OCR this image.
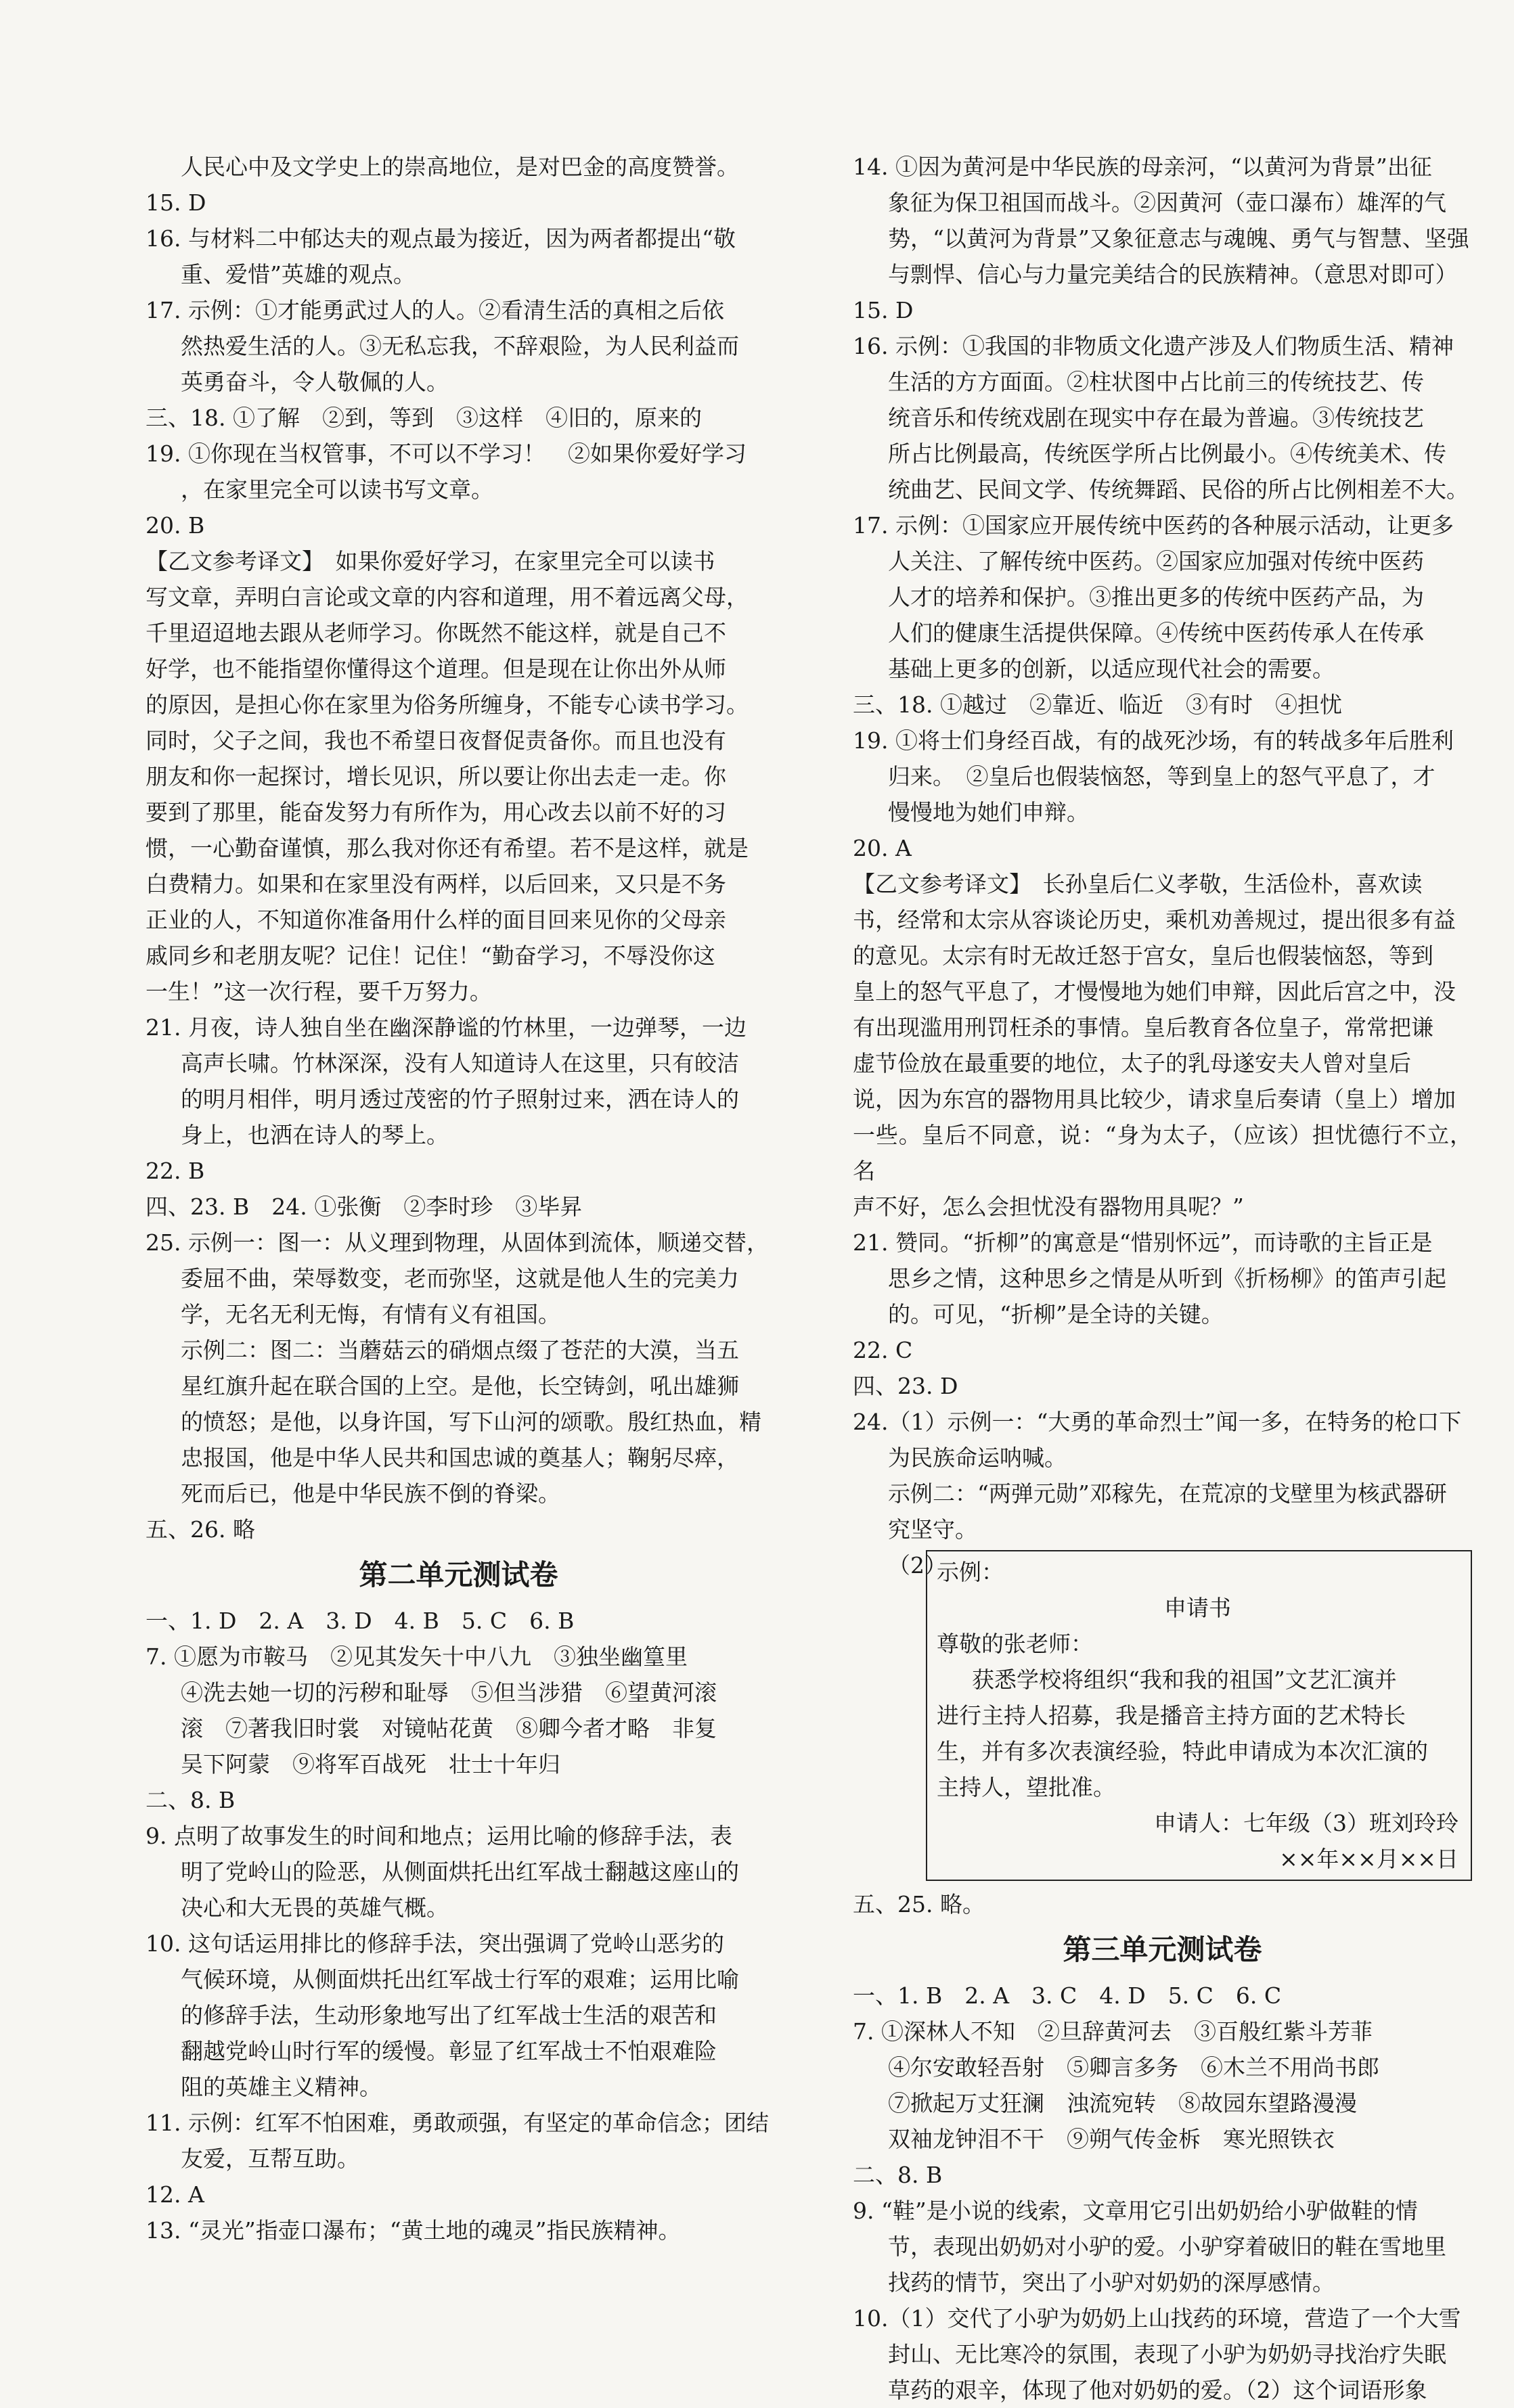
人民心中及文学史上的崇高地位，是对巴金的高度赞誉。

15. D

16. 与材料二中郁达夫的观点最为接近，因为两者都提出“敬

重、爱惜”英雄的观点。

17. 示例：①才能勇武过人的人。②看清生活的真相之后依

然热爱生活的人。③无私忘我，不辞艰险，为人民利益而

英勇奋斗，令人敬佩的人。

三、18. ①了解　②到，等到　③这样　④旧的，原来的

19. ①你现在当权管事，不可以不学习！　②如果你爱好学习

，在家里完全可以读书写文章。

20. B

【乙文参考译文】　如果你爱好学习，在家里完全可以读书

写文章，弄明白言论或文章的内容和道理，用不着远离父母，

千里迢迢地去跟从老师学习。你既然不能这样，就是自己不

好学，也不能指望你懂得这个道理。但是现在让你出外从师

的原因，是担心你在家里为俗务所缠身，不能专心读书学习。

同时，父子之间，我也不希望日夜督促责备你。而且也没有

朋友和你一起探讨，增长见识，所以要让你出去走一走。你

要到了那里，能奋发努力有所作为，用心改去以前不好的习

惯，一心勤奋谨慎，那么我对你还有希望。若不是这样，就是

白费精力。如果和在家里没有两样，以后回来，又只是不务

正业的人，不知道你准备用什么样的面目回来见你的父母亲

戚同乡和老朋友呢？记住！记住！“勤奋学习，不辱没你这

一生！”这一次行程，要千万努力。

21. 月夜，诗人独自坐在幽深静谧的竹林里，一边弹琴，一边

高声长啸。竹林深深，没有人知道诗人在这里，只有皎洁

的明月相伴，明月透过茂密的竹子照射过来，洒在诗人的

身上，也洒在诗人的琴上。

22. B

四、23. B　24. ①张衡　②李时珍　③毕昇

25. 示例一：图一：从义理到物理，从固体到流体，顺递交替，

委屈不曲，荣辱数变，老而弥坚，这就是他人生的完美力

学，无名无利无悔，有情有义有祖国。

示例二：图二：当蘑菇云的硝烟点缀了苍茫的大漠，当五

星红旗升起在联合国的上空。是他，长空铸剑，吼出雄狮

的愤怒；是他，以身许国，写下山河的颂歌。殷红热血，精

忠报国，他是中华人民共和国忠诚的奠基人；鞠躬尽瘁，

死而后已，他是中华民族不倒的脊梁。

五、26. 略

第二单元测试卷

一、1. D　2. A　3. D　4. B　5. C　6. B

7. ①愿为市鞍马　②见其发矢十中八九　③独坐幽篁里

④洗去她一切的污秽和耻辱　⑤但当涉猎　⑥望黄河滚

滚　⑦著我旧时裳　对镜帖花黄　⑧卿今者才略　非复

吴下阿蒙　⑨将军百战死　壮士十年归

二、8. B

9. 点明了故事发生的时间和地点；运用比喻的修辞手法，表

明了党岭山的险恶，从侧面烘托出红军战士翻越这座山的

决心和大无畏的英雄气概。

10. 这句话运用排比的修辞手法，突出强调了党岭山恶劣的

气候环境，从侧面烘托出红军战士行军的艰难；运用比喻

的修辞手法，生动形象地写出了红军战士生活的艰苦和

翻越党岭山时行军的缓慢。彰显了红军战士不怕艰难险

阻的英雄主义精神。

11. 示例：红军不怕困难，勇敢顽强，有坚定的革命信念；团结

友爱，互帮互助。

12. A

13. “灵光”指壶口瀑布；“黄土地的魂灵”指民族精神。

14. ①因为黄河是中华民族的母亲河，“以黄河为背景”出征

象征为保卫祖国而战斗。②因黄河（壶口瀑布）雄浑的气

势，“以黄河为背景”又象征意志与魂魄、勇气与智慧、坚强

与剽悍、信心与力量完美结合的民族精神。（意思对即可）

15. D

16. 示例：①我国的非物质文化遗产涉及人们物质生活、精神

生活的方方面面。②柱状图中占比前三的传统技艺、传

统音乐和传统戏剧在现实中存在最为普遍。③传统技艺

所占比例最高，传统医学所占比例最小。④传统美术、传

统曲艺、民间文学、传统舞蹈、民俗的所占比例相差不大。

17. 示例：①国家应开展传统中医药的各种展示活动，让更多

人关注、了解传统中医药。②国家应加强对传统中医药

人才的培养和保护。③推出更多的传统中医药产品，为

人们的健康生活提供保障。④传统中医药传承人在传承

基础上更多的创新，以适应现代社会的需要。

三、18. ①越过　②靠近、临近　③有时　④担忧

19. ①将士们身经百战，有的战死沙场，有的转战多年后胜利

归来。　②皇后也假装恼怒，等到皇上的怒气平息了，才

慢慢地为她们申辩。

20. A

【乙文参考译文】　长孙皇后仁义孝敬，生活俭朴，喜欢读

书，经常和太宗从容谈论历史，乘机劝善规过，提出很多有益

的意见。太宗有时无故迁怒于宫女，皇后也假装恼怒，等到

皇上的怒气平息了，才慢慢地为她们申辩，因此后宫之中，没

有出现滥用刑罚枉杀的事情。皇后教育各位皇子，常常把谦

虚节俭放在最重要的地位，太子的乳母遂安夫人曾对皇后

说，因为东宫的器物用具比较少，请求皇后奏请（皇上）增加

一些。皇后不同意，说：“身为太子，（应该）担忧德行不立，名

声不好，怎么会担忧没有器物用具呢？”

21. 赞同。“折柳”的寓意是“惜别怀远”，而诗歌的主旨正是

思乡之情，这种思乡之情是从听到《折杨柳》的笛声引起

的。可见，“折柳”是全诗的关键。

22. C

四、23. D

24.（1）示例一：“大勇的革命烈士”闻一多，在特务的枪口下

为民族命运呐喊。

示例二：“两弹元勋”邓稼先，在荒凉的戈壁里为核武器研

究坚守。

（2）

示例：

申请书

尊敬的张老师：

获悉学校将组织“我和我的祖国”文艺汇演并

进行主持人招募，我是播音主持方面的艺术特长

生，并有多次表演经验，特此申请成为本次汇演的

主持人，望批准。

申请人：七年级（3）班刘玲玲

××年××月××日

五、25. 略。

第三单元测试卷

一、1. B　2. A　3. C　4. D　5. C　6. C

7. ①深林人不知　②旦辞黄河去　③百般红紫斗芳菲

④尔安敢轻吾射　⑤卿言多务　⑥木兰不用尚书郎

⑦掀起万丈狂澜　浊流宛转　⑧故园东望路漫漫

双袖龙钟泪不干　⑨朔气传金柝　寒光照铁衣

二、8. B

9. “鞋”是小说的线索，文章用它引出奶奶给小驴做鞋的情

节，表现出奶奶对小驴的爱。小驴穿着破旧的鞋在雪地里

找药的情节，突出了小驴对奶奶的深厚感情。

10.（1）交代了小驴为奶奶上山找药的环境，营造了一个大雪

封山、无比寒冷的氛围，表现了小驴为奶奶寻找治疗失眠

草药的艰辛，体现了他对奶奶的爱。（2）这个词语形象
